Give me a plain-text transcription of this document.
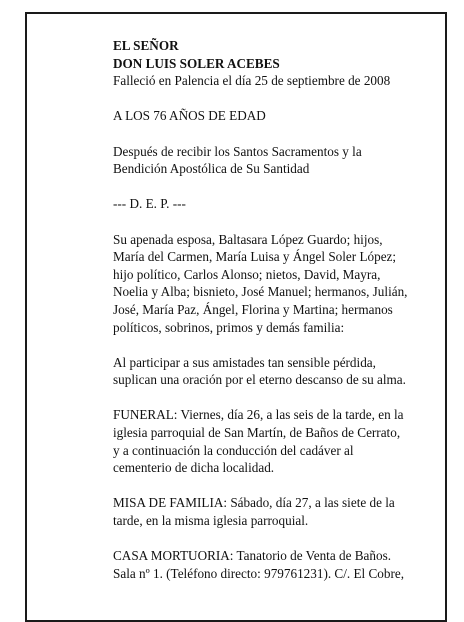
EL SEÑOR

DON LUIS SOLER ACEBES

Falleció en Palencia el día 25 de septiembre de 2008

A LOS 76 AÑOS DE EDAD

Después de recibir los Santos Sacramentos y la

Bendición Apostólica de Su Santidad

--- D. E. P. ---

Su apenada esposa, Baltasara López Guardo; hijos,

María del Carmen, María Luisa y Ángel Soler López;

hijo político, Carlos Alonso; nietos, David, Mayra,

Noelia y Alba; bisnieto, José Manuel; hermanos, Julián,

José, María Paz, Ángel, Florina y Martina; hermanos

políticos, sobrinos, primos y demás familia:

Al participar a sus amistades tan sensible pérdida,

suplican una oración por el eterno descanso de su alma.

FUNERAL: Viernes, día 26, a las seis de la tarde, en la

iglesia parroquial de San Martín, de Baños de Cerrato,

y a continuación la conducción del cadáver al

cementerio de dicha localidad.

MISA DE FAMILIA: Sábado, día 27, a las siete de la

tarde, en la misma iglesia parroquial.

CASA MORTUORIA: Tanatorio de Venta de Baños.

Sala nº 1. (Teléfono directo: 979761231). C/. El Cobre,
